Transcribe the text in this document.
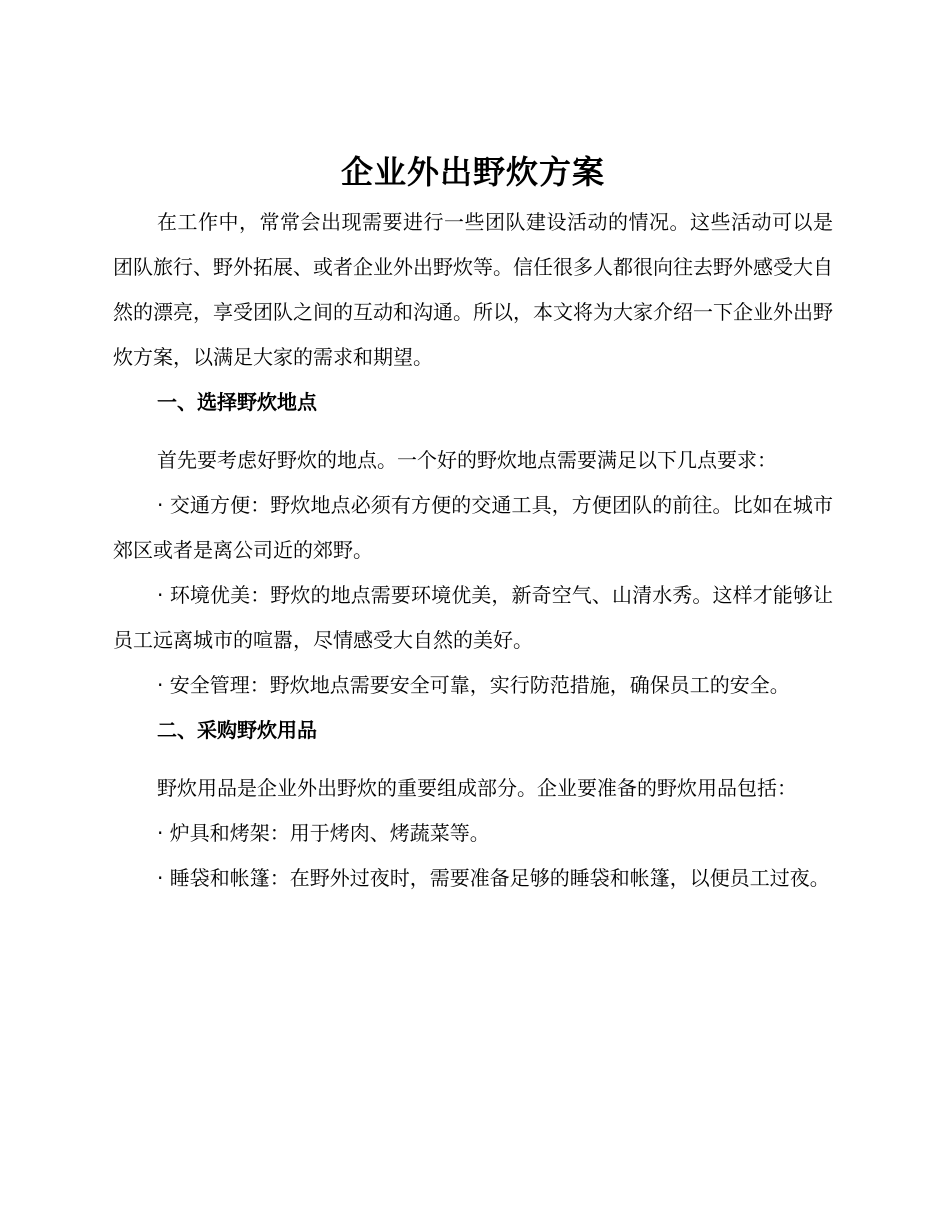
企业外出野炊方案

在工作中，常常会出现需要进行一些团队建设活动的情况。这些活动可以是团队旅行、野外拓展、或者企业外出野炊等。信任很多人都很向往去野外感受大自然的漂亮，享受团队之间的互动和沟通。所以，本文将为大家介绍一下企业外出野炊方案，以满足大家的需求和期望。

一、选择野炊地点

首先要考虑好野炊的地点。一个好的野炊地点需要满足以下几点要求：

· 交通方便：野炊地点必须有方便的交通工具，方便团队的前往。比如在城市郊区或者是离公司近的郊野。

· 环境优美：野炊的地点需要环境优美，新奇空气、山清水秀。这样才能够让员工远离城市的喧嚣，尽情感受大自然的美好。

· 安全管理：野炊地点需要安全可靠，实行防范措施，确保员工的安全。

二、采购野炊用品

野炊用品是企业外出野炊的重要组成部分。企业要准备的野炊用品包括：

· 炉具和烤架：用于烤肉、烤蔬菜等。

· 睡袋和帐篷：在野外过夜时，需要准备足够的睡袋和帐篷，以便员工过夜。
